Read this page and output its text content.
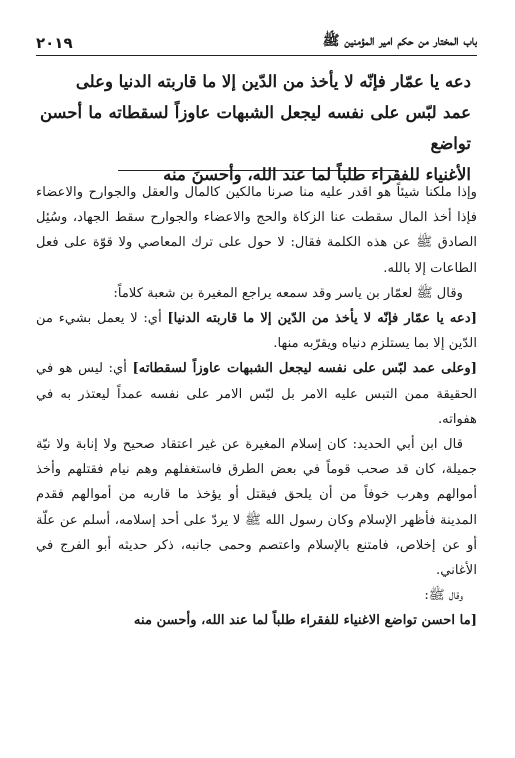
باب المختار من حكم امير المؤمنين ﷺ
٢٠١٩
دعه يا عمّار فإنّه لا يأخذ من الدّين إلا ما قاربته الدنيا وعلى
عمد لبّس على نفسه ليجعل الشبهات عاوزاً لسقطاته ما أحسن تواضع
الأغنياء للفقراء طلباً لما عند الله، وأحسنَ منه

وإذا ملكنا شيئاً هو اقدر عليه منا صرنا مالكين كالمال والعقل والجوارح والاعضاء فإذا أخذ المال سقطت عنا الزكاة والحج والاعضاء والجوارح سقط الجهاد، وسُئِل الصادق ﷺ عن هذه الكلمة فقال: لا حول على ترك المعاصي ولا قوّة على فعل الطاعات إلا بالله.

وقال ﷺ لعمّار بن ياسر وقد سمعه يراجع المغيرة بن شعبة كلاماً:

[دعه يا عمّار فإنّه لا يأخذ من الدّين إلا ما قاربته الدنيا] أي: لا يعمل بشيء من الدّين إلا بما يستلزم دنياه ويقرّبه منها.

[وعلى عمد لبّس على نفسه ليجعل الشبهات عاوزاً لسقطاته] أي: ليس هو في الحقيقة ممن التبس عليه الامر بل لبّس الامر على نفسه عمداً ليعتذر به في هفواته.

قال ابن أبي الحديد: كان إسلام المغيرة عن غير اعتقاد صحيح ولا إنابة ولا نيّة جميلة، كان قد صحب قوماً في بعض الطرق فاستغفلهم وهم نيام فقتلهم وأخذ أموالهم وهرب خوفاً من أن يلحق فيقتل أو يؤخذ ما قاربه من أموالهم فقدم المدينة فأظهر الإسلام وكان رسول الله ﷺ لا يردّ على أحد إسلامه، أسلم عن علّة أو عن إخلاص، فامتنع بالإسلام واعتصم وحمى جانبه، ذكر حديثه أبو الفرج في الأغاني.

وقال ﷺ:

[ما احسن تواضع الاغنياء للفقراء طلباً لما عند الله، وأحسن منه
